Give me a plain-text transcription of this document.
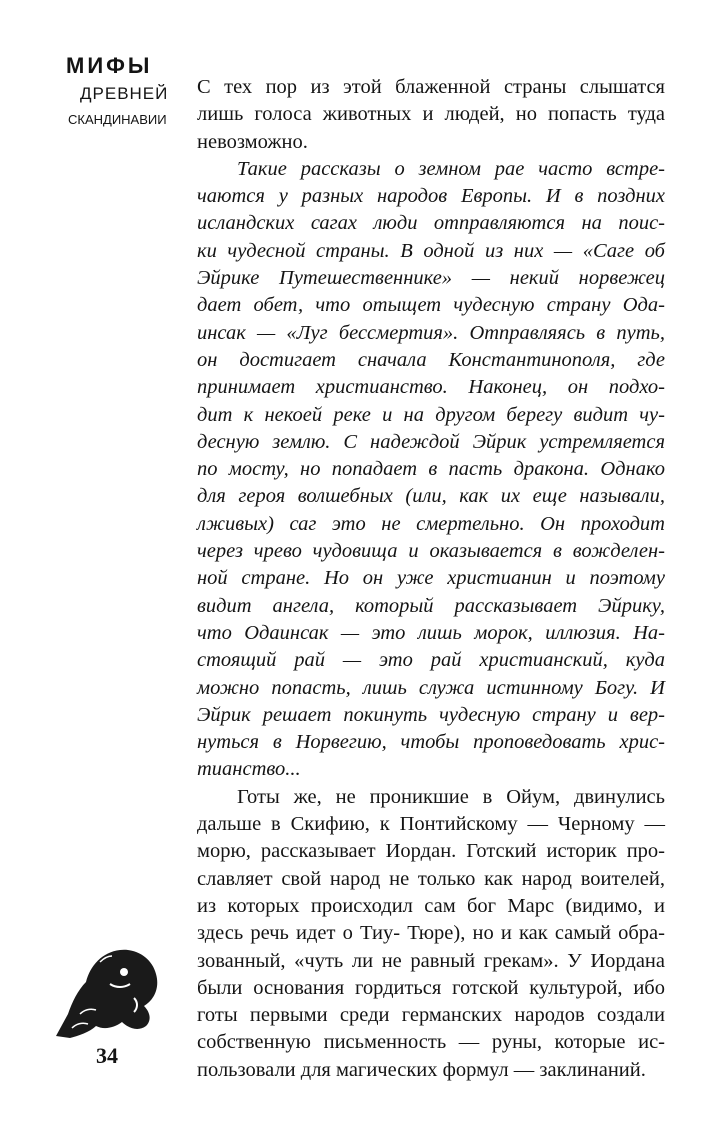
МИФЫ
ДРЕВНЕЙ
СКАНДИНАВИИ
С тех пор из этой блаженной страны слышатся
лишь голоса животных и людей, но попасть туда
невозможно.
Такие рассказы о земном рае часто встре-
чаются у разных народов Европы. И в поздних
исландских сагах люди отправляются на поис-
ки чудесной страны. В одной из них — «Саге об
Эйрике Путешественнике» — некий норвежец
дает обет, что отыщет чудесную страну Ода-
инсак — «Луг бессмертия». Отправляясь в путь,
он достигает сначала Константинополя, где
принимает христианство. Наконец, он подхо-
дит к некоей реке и на другом берегу видит чу-
десную землю. С надеждой Эйрик устремляется
по мосту, но попадает в пасть дракона. Однако
для героя волшебных (или, как их еще называли,
лживых) саг это не смертельно. Он проходит
через чрево чудовища и оказывается в вожделен-
ной стране. Но он уже христианин и поэтому
видит ангела, который рассказывает Эйрику,
что Одаинсак — это лишь морок, иллюзия. На-
стоящий рай — это рай христианский, куда
можно попасть, лишь служа истинному Богу. И
Эйрик решает покинуть чудесную страну и вер-
нуться в Норвегию, чтобы проповедовать хрис-
тианство...
Готы же, не проникшие в Ойум, двинулись
дальше в Скифию, к Понтийскому — Черному —
морю, рассказывает Иордан. Готский историк про-
славляет свой народ не только как народ воителей,
из которых происходил сам бог Марс (видимо, и
здесь речь идет о Тиу- Тюре), но и как самый обра-
зованный, «чуть ли не равный грекам». У Иордана
были основания гордиться готской культурой, ибо
готы первыми среди германских народов создали
собственную письменность — руны, которые ис-
пользовали для магических формул — заклинаний.
34
